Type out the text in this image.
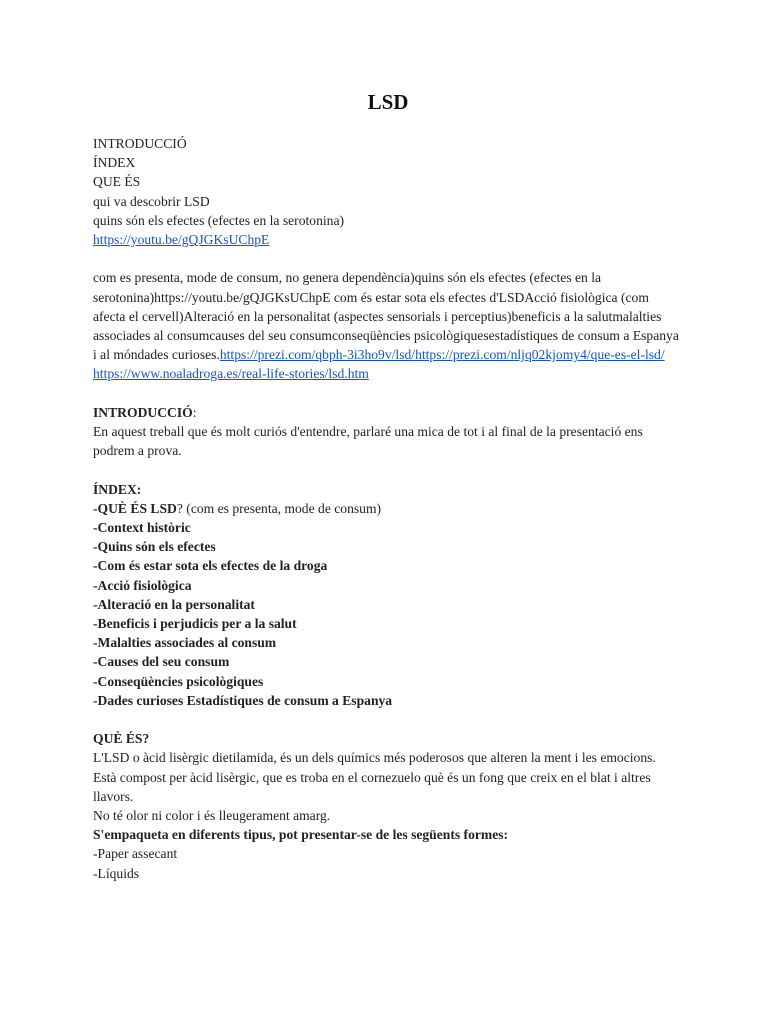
LSD
INTRODUCCIÓ
ÍNDEX
QUE ÉS
qui va descobrir LSD
quins són els efectes (efectes en la serotonina)
https://youtu.be/gQJGKsUChpE

com es presenta, mode de consum, no genera dependència)quins són els efectes (efectes en la serotonina)https://youtu.be/gQJGKsUChpE com és estar sota els efectes d'LSDAcció fisiològica (com afecta el cervell)Alteració en la personalitat (aspectes sensorials i perceptius)beneficis a la salutmalalties associades al consumcauses del seu consumconseqüències psicològiquesestadístiques de consum a Espanya i al móndades curioses.https://prezi.com/qbph-3i3ho9v/lsd/https://prezi.com/nljq02kjomy4/que-es-el-lsd/
https://www.noaladroga.es/real-life-stories/lsd.htm

INTRODUCCIÓ:

En aquest treball que és molt curiós d'entendre, parlaré una mica de tot i al final de la presentació ens podrem a prova.

ÍNDEX:
-QUÈ ÉS LSD? (com es presenta, mode de consum)
-Context històric
-Quins són els efectes
-Com és estar sota els efectes de la droga
-Acció fisiològica
-Alteració en la personalitat
-Beneficis i perjudicis per a la salut
-Malalties associades al consum
-Causes del seu consum
-Conseqüències psicològiques
-Dades curioses Estadístiques de consum a Espanya
QUÈ ÉS?

L'LSD o àcid lisèrgic dietilamida, és un dels químics més poderosos que alteren la ment i les emocions.

Està compost per àcid lisèrgic, que es troba en el cornezuelo què és un fong que creix en el blat i altres llavors.

No té olor ni color i és lleugerament amarg.

S'empaqueta en diferents tipus, pot presentar-se de les següents formes:
-Paper assecant
-Líquids
